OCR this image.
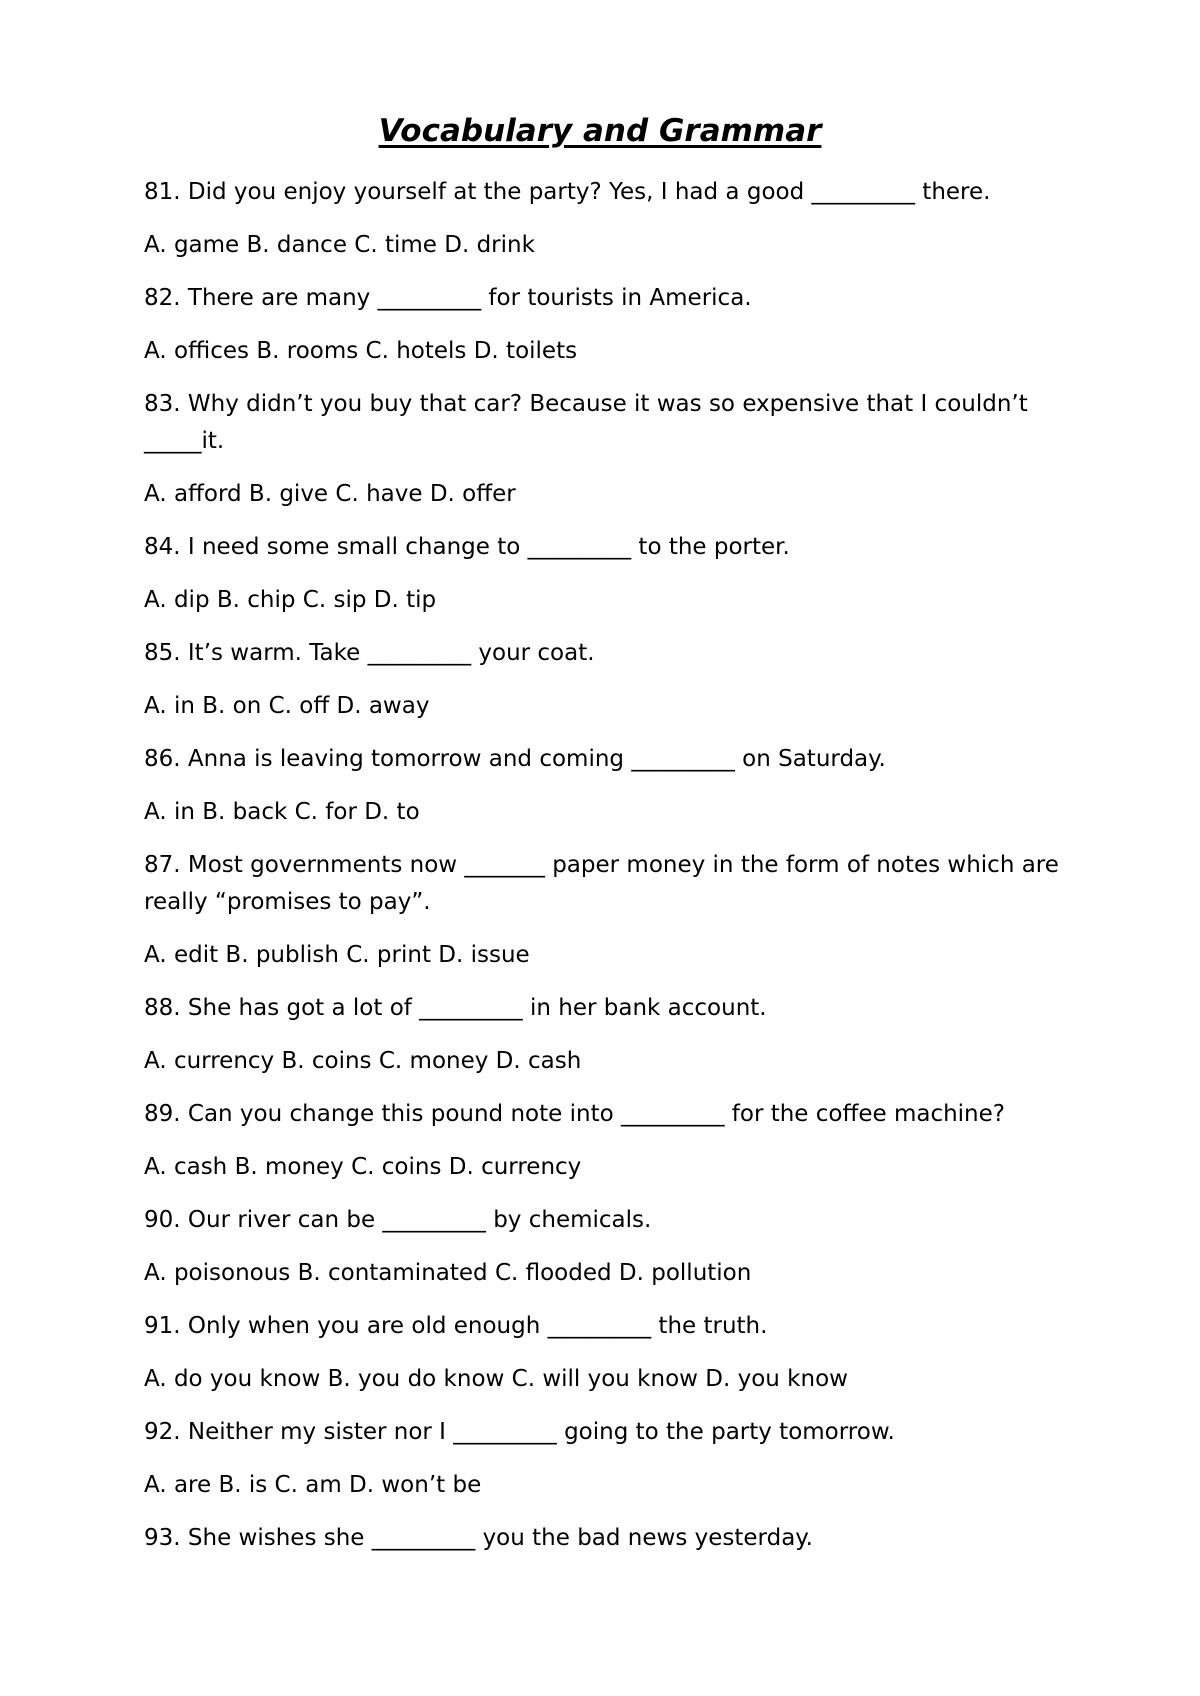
Vocabulary and Grammar

81. Did you enjoy yourself at the party? Yes, I had a good _________ there.

A. game B. dance C. time D. drink

82. There are many _________ for tourists in America.

A. offices B. rooms C. hotels D. toilets

83. Why didn’t you buy that car? Because it was so expensive that I couldn’t _____it.

A. afford B. give C. have D. offer

84. I need some small change to _________ to the porter.

A. dip B. chip C. sip D. tip

85. It’s warm. Take _________ your coat.

A. in B. on C. off D. away

86. Anna is leaving tomorrow and coming _________ on Saturday.

A. in B. back C. for D. to

87. Most governments now _______ paper money in the form of notes which are really “promises to pay”.

A. edit B. publish C. print D. issue

88. She has got a lot of _________ in her bank account.

A. currency B. coins C. money D. cash

89. Can you change this pound note into _________ for the coffee machine?

A. cash B. money C. coins D. currency

90. Our river can be _________ by chemicals.

A. poisonous B. contaminated C. flooded D. pollution

91. Only when you are old enough _________ the truth.

A. do you know B. you do know C. will you know D. you know

92. Neither my sister nor I _________ going to the party tomorrow.

A. are B. is C. am D. won’t be

93. She wishes she _________ you the bad news yesterday.
